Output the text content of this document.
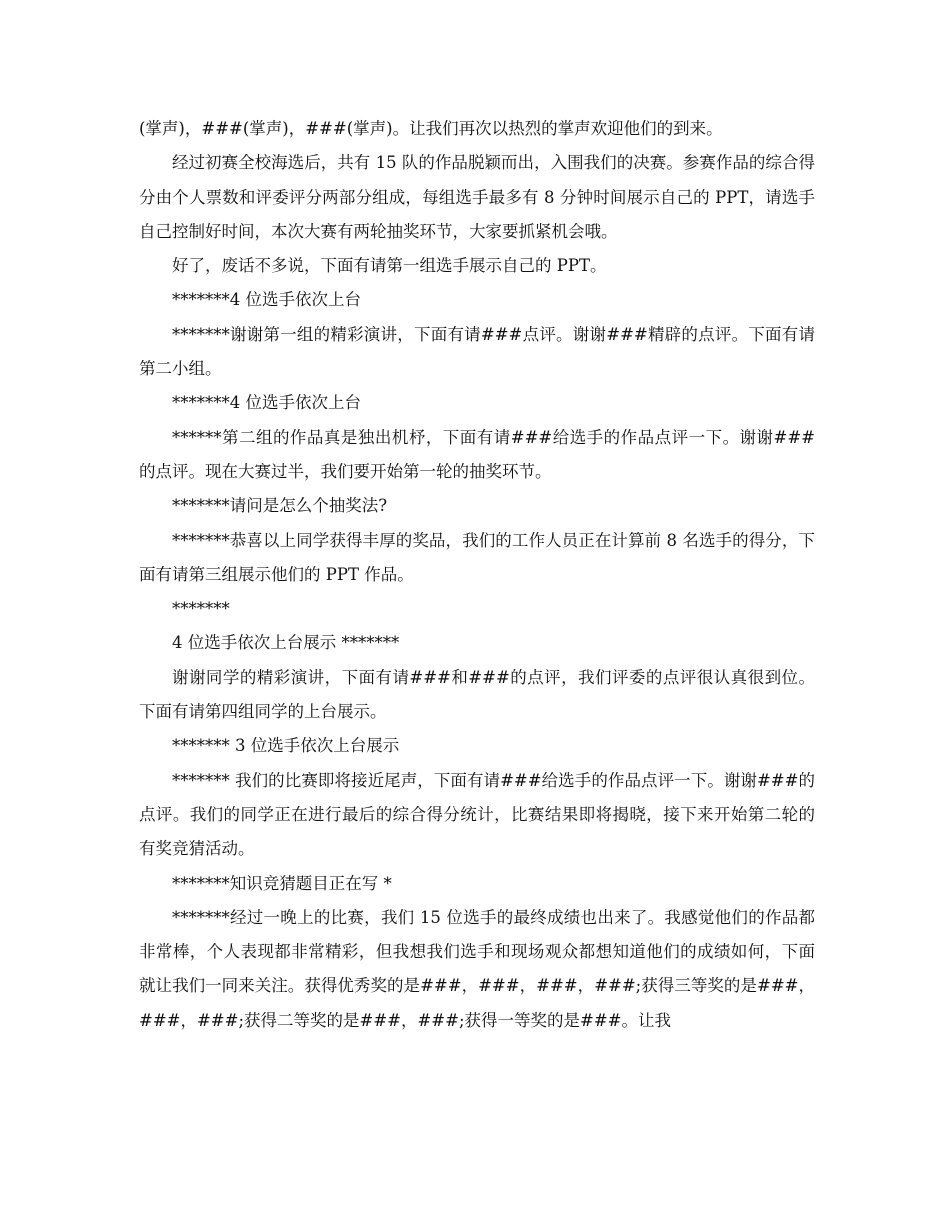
(掌声)，###(掌声)，###(掌声)。让我们再次以热烈的掌声欢迎他们的到来。

经过初赛全校海选后，共有 15 队的作品脱颖而出，入围我们的决赛。参赛作品的综合得分由个人票数和评委评分两部分组成，每组选手最多有 8 分钟时间展示自己的 PPT，请选手自己控制好时间，本次大赛有两轮抽奖环节，大家要抓紧机会哦。

好了，废话不多说，下面有请第一组选手展示自己的 PPT。

*******4 位选手依次上台

*******谢谢第一组的精彩演讲，下面有请###点评。谢谢###精辟的点评。下面有请第二小组。

*******4 位选手依次上台

******第二组的作品真是独出机杼，下面有请###给选手的作品点评一下。谢谢###的点评。现在大赛过半，我们要开始第一轮的抽奖环节。

*******请问是怎么个抽奖法?

*******恭喜以上同学获得丰厚的奖品，我们的工作人员正在计算前 8 名选手的得分，下面有请第三组展示他们的 PPT 作品。

*******

4 位选手依次上台展示 *******

谢谢同学的精彩演讲，下面有请###和###的点评，我们评委的点评很认真很到位。下面有请第四组同学的上台展示。

******* 3 位选手依次上台展示

******* 我们的比赛即将接近尾声，下面有请###给选手的作品点评一下。谢谢###的点评。我们的同学正在进行最后的综合得分统计，比赛结果即将揭晓，接下来开始第二轮的有奖竞猜活动。

*******知识竞猜题目正在写 *

*******经过一晚上的比赛，我们 15 位选手的最终成绩也出来了。我感觉他们的作品都非常棒，个人表现都非常精彩，但我想我们选手和现场观众都想知道他们的成绩如何，下面就让我们一同来关注。获得优秀奖的是###，###，###，###;获得三等奖的是###，###，###;获得二等奖的是###，###;获得一等奖的是###。让我
